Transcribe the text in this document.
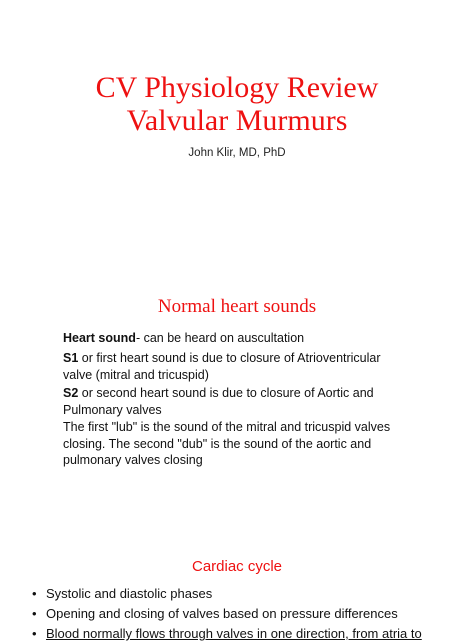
CV Physiology Review
Valvular Murmurs
John Klir, MD, PhD
Normal heart sounds
Heart sound- can be heard on auscultation
S1 or first heart sound is due to closure of Atrioventricular valve (mitral and tricuspid)
S2 or second heart sound is due to closure of Aortic and Pulmonary valves
The first "lub" is the sound of the mitral and tricuspid valves closing. The second "dub" is the sound of the aortic and pulmonary valves closing
Cardiac cycle
• Systolic and diastolic phases
• Opening and closing of valves based on pressure differences
• Blood normally flows through valves in one direction, from atria to
